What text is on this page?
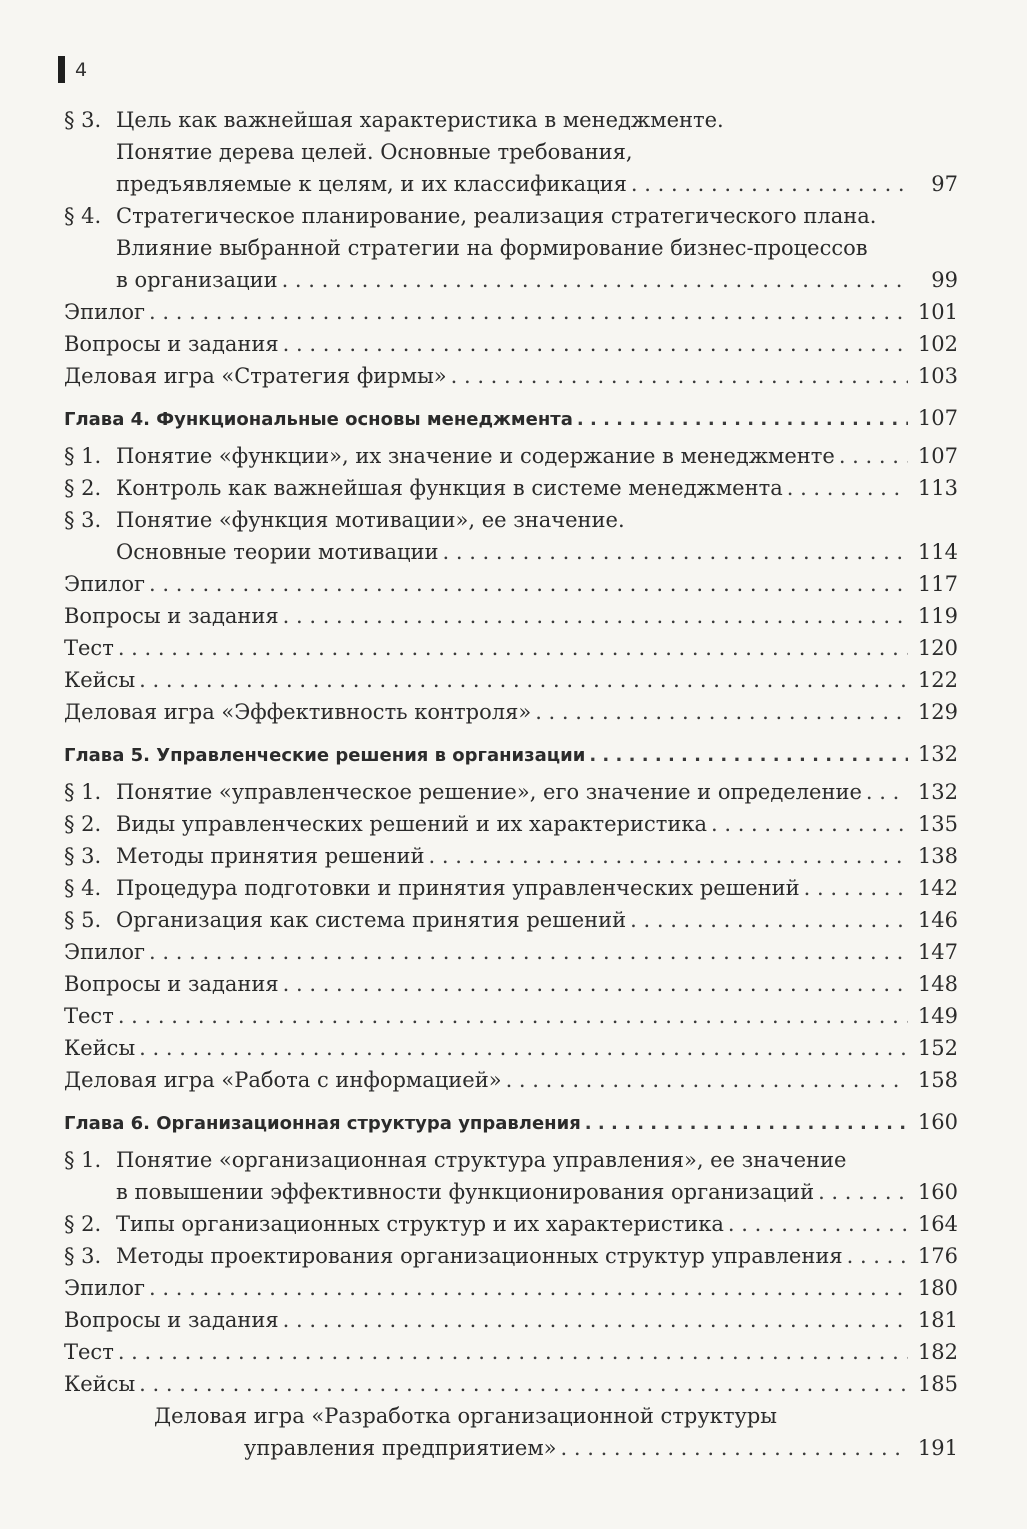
4
§ 3. Цель как важнейшая характеристика в менеджменте.
Понятие дерева целей. Основные требования,
предъявляемые к целям, и их классификация . . .	97
§ 4. Стратегическое планирование, реализация стратегического плана.
Влияние выбранной стратегии на формирование бизнес-процессов
в организации . . .	99
Эпилог . . .	101
Вопросы и задания . . .	102
Деловая игра «Стратегия фирмы» . . .	103
Глава 4. Функциональные основы менеджмента . . .	107
§ 1. Понятие «функции», их значение и содержание в менеджменте . . .	107
§ 2. Контроль как важнейшая функция в системе менеджмента . . .	113
§ 3. Понятие «функция мотивации», ее значение.
Основные теории мотивации . . .	114
Эпилог . . .	117
Вопросы и задания . . .	119
Тест . . .	120
Кейсы . . .	122
Деловая игра «Эффективность контроля» . . .	129
Глава 5. Управленческие решения в организации . . .	132
§ 1. Понятие «управленческое решение», его значение и определение . . .	132
§ 2. Виды управленческих решений и их характеристика . . .	135
§ 3. Методы принятия решений . . .	138
§ 4. Процедура подготовки и принятия управленческих решений . . .	142
§ 5. Организация как система принятия решений . . .	146
Эпилог . . .	147
Вопросы и задания . . .	148
Тест . . .	149
Кейсы . . .	152
Деловая игра «Работа с информацией» . . .	158
Глава 6. Организационная структура управления . . .	160
§ 1. Понятие «организационная структура управления», ее значение
в повышении эффективности функционирования организаций . . .	160
§ 2. Типы организационных структур и их характеристика . . .	164
§ 3. Методы проектирования организационных структур управления . . .	176
Эпилог . . .	180
Вопросы и задания . . .	181
Тест . . .	182
Кейсы . . .	185
Деловая игра «Разработка организационной структуры
управления предприятием» . . .	191
